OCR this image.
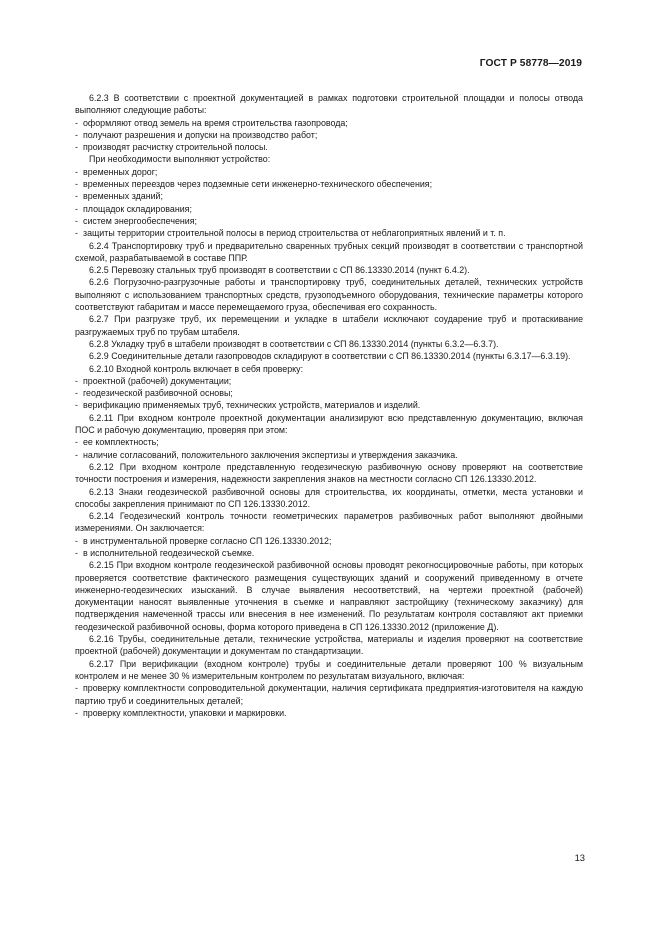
ГОСТ Р 58778—2019
6.2.3 В соответствии с проектной документацией в рамках подготовки строительной площадки и полосы отвода выполняют следующие работы:
- оформляют отвод земель на время строительства газопровода;
- получают разрешения и допуски на производство работ;
- производят расчистку строительной полосы.
При необходимости выполняют устройство:
- временных дорог;
- временных переездов через подземные сети инженерно-технического обеспечения;
- временных зданий;
- площадок складирования;
- систем энергообеспечения;
- защиты территории строительной полосы в период строительства от неблагоприятных явлений и т. п.
6.2.4 Транспортировку труб и предварительно сваренных трубных секций производят в соответствии с транспортной схемой, разрабатываемой в составе ППР.
6.2.5 Перевозку стальных труб производят в соответствии с СП 86.13330.2014 (пункт 6.4.2).
6.2.6 Погрузочно-разгрузочные работы и транспортировку труб, соединительных деталей, технических устройств выполняют с использованием транспортных средств, грузоподъемного оборудования, технические параметры которого соответствуют габаритам и массе перемещаемого груза, обеспечивая его сохранность.
6.2.7 При разгрузке труб, их перемещении и укладке в штабели исключают соударение труб и протаскивание разгружаемых труб по трубам штабеля.
6.2.8 Укладку труб в штабели производят в соответствии с СП 86.13330.2014 (пункты 6.3.2—6.3.7).
6.2.9 Соединительные детали газопроводов складируют в соответствии с СП 86.13330.2014 (пункты 6.3.17—6.3.19).
6.2.10 Входной контроль включает в себя проверку:
- проектной (рабочей) документации;
- геодезической разбивочной основы;
- верификацию применяемых труб, технических устройств, материалов и изделий.
6.2.11 При входном контроле проектной документации анализируют всю представленную документацию, включая ПОС и рабочую документацию, проверяя при этом:
- ее комплектность;
- наличие согласований, положительного заключения экспертизы и утверждения заказчика.
6.2.12 При входном контроле представленную геодезическую разбивочную основу проверяют на соответствие точности построения и измерения, надежности закрепления знаков на местности согласно СП 126.13330.2012.
6.2.13 Знаки геодезической разбивочной основы для строительства, их координаты, отметки, места установки и способы закрепления принимают по СП 126.13330.2012.
6.2.14 Геодезический контроль точности геометрических параметров разбивочных работ выполняют двойными измерениями. Он заключается:
- в инструментальной проверке согласно СП 126.13330.2012;
- в исполнительной геодезической съемке.
6.2.15 При входном контроле геодезической разбивочной основы проводят рекогносцировочные работы, при которых проверяется соответствие фактического размещения существующих зданий и сооружений приведенному в отчете инженерно-геодезических изысканий. В случае выявления несоответствий, на чертежи проектной (рабочей) документации наносят выявленные уточнения в съемке и направляют застройщику (техническому заказчику) для подтверждения намеченной трассы или внесения в нее изменений. По результатам контроля составляют акт приемки геодезической разбивочной основы, форма которого приведена в СП 126.13330.2012 (приложение Д).
6.2.16 Трубы, соединительные детали, технические устройства, материалы и изделия проверяют на соответствие проектной (рабочей) документации и документам по стандартизации.
6.2.17 При верификации (входном контроле) трубы и соединительные детали проверяют 100 % визуальным контролем и не менее 30 % измерительным контролем по результатам визуального, включая:
- проверку комплектности сопроводительной документации, наличия сертификата предприятия-изготовителя на каждую партию труб и соединительных деталей;
- проверку комплектности, упаковки и маркировки.
13
